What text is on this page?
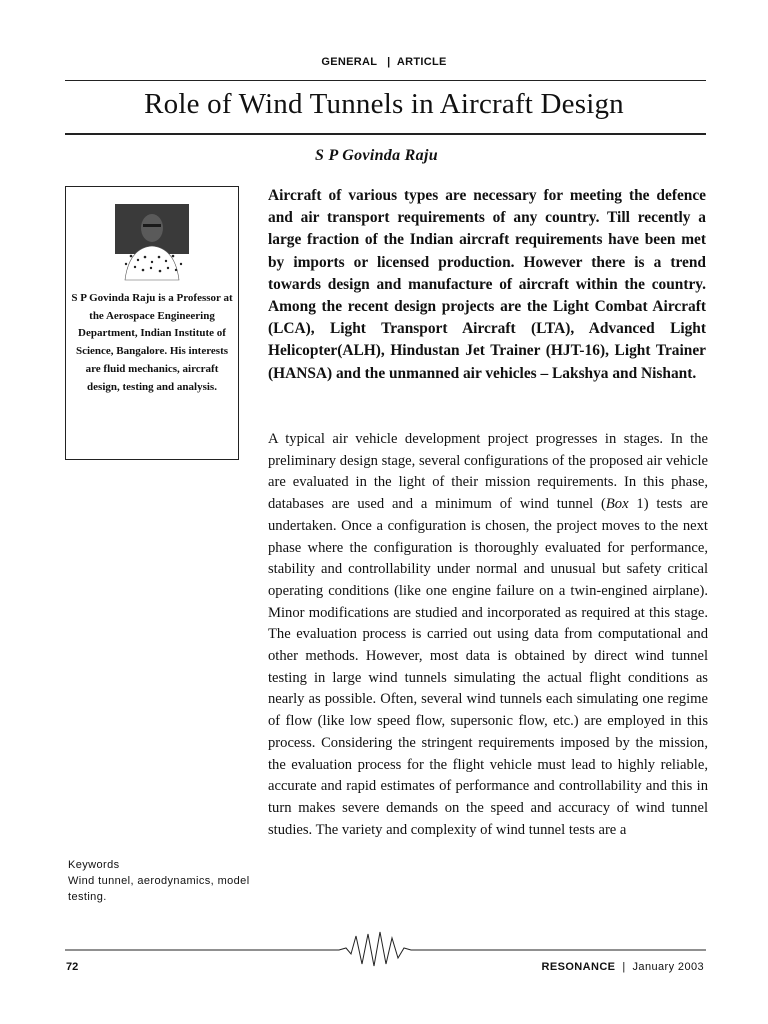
GENERAL | ARTICLE
Role of Wind Tunnels in Aircraft Design
S P Govinda Raju
S P Govinda Raju is a Professor at the Aerospace Engineering Department, Indian Institute of Science, Bangalore. His interests are fluid mechanics, aircraft design, testing and analysis.
Aircraft of various types are necessary for meeting the defence and air transport requirements of any country. Till recently a large fraction of the Indian aircraft requirements have been met by imports or licensed production. However there is a trend towards design and manufacture of aircraft within the country. Among the recent design projects are the Light Combat Aircraft (LCA), Light Transport Aircraft (LTA), Advanced Light Helicopter(ALH), Hindustan Jet Trainer (HJT-16), Light Trainer (HANSA) and the unmanned air vehicles – Lakshya and Nishant.
A typical air vehicle development project progresses in stages. In the preliminary design stage, several configurations of the proposed air vehicle are evaluated in the light of their mission requirements. In this phase, databases are used and a minimum of wind tunnel (Box 1) tests are undertaken. Once a configuration is chosen, the project moves to the next phase where the configuration is thoroughly evaluated for performance, stability and controllability under normal and unusual but safety critical operating conditions (like one engine failure on a twin-engined airplane). Minor modifications are studied and incorporated as required at this stage. The evaluation process is carried out using data from computational and other methods. However, most data is obtained by direct wind tunnel testing in large wind tunnels simulating the actual flight conditions as nearly as possible. Often, several wind tunnels each simulating one regime of flow (like low speed flow, supersonic flow, etc.) are employed in this process. Considering the stringent requirements imposed by the mission, the evaluation process for the flight vehicle must lead to highly reliable, accurate and rapid estimates of performance and controllability and this in turn makes severe demands on the speed and accuracy of wind tunnel studies. The variety and complexity of wind tunnel tests are a
Keywords
Wind tunnel, aerodynamics, model testing.
72	RESONANCE | January 2003
